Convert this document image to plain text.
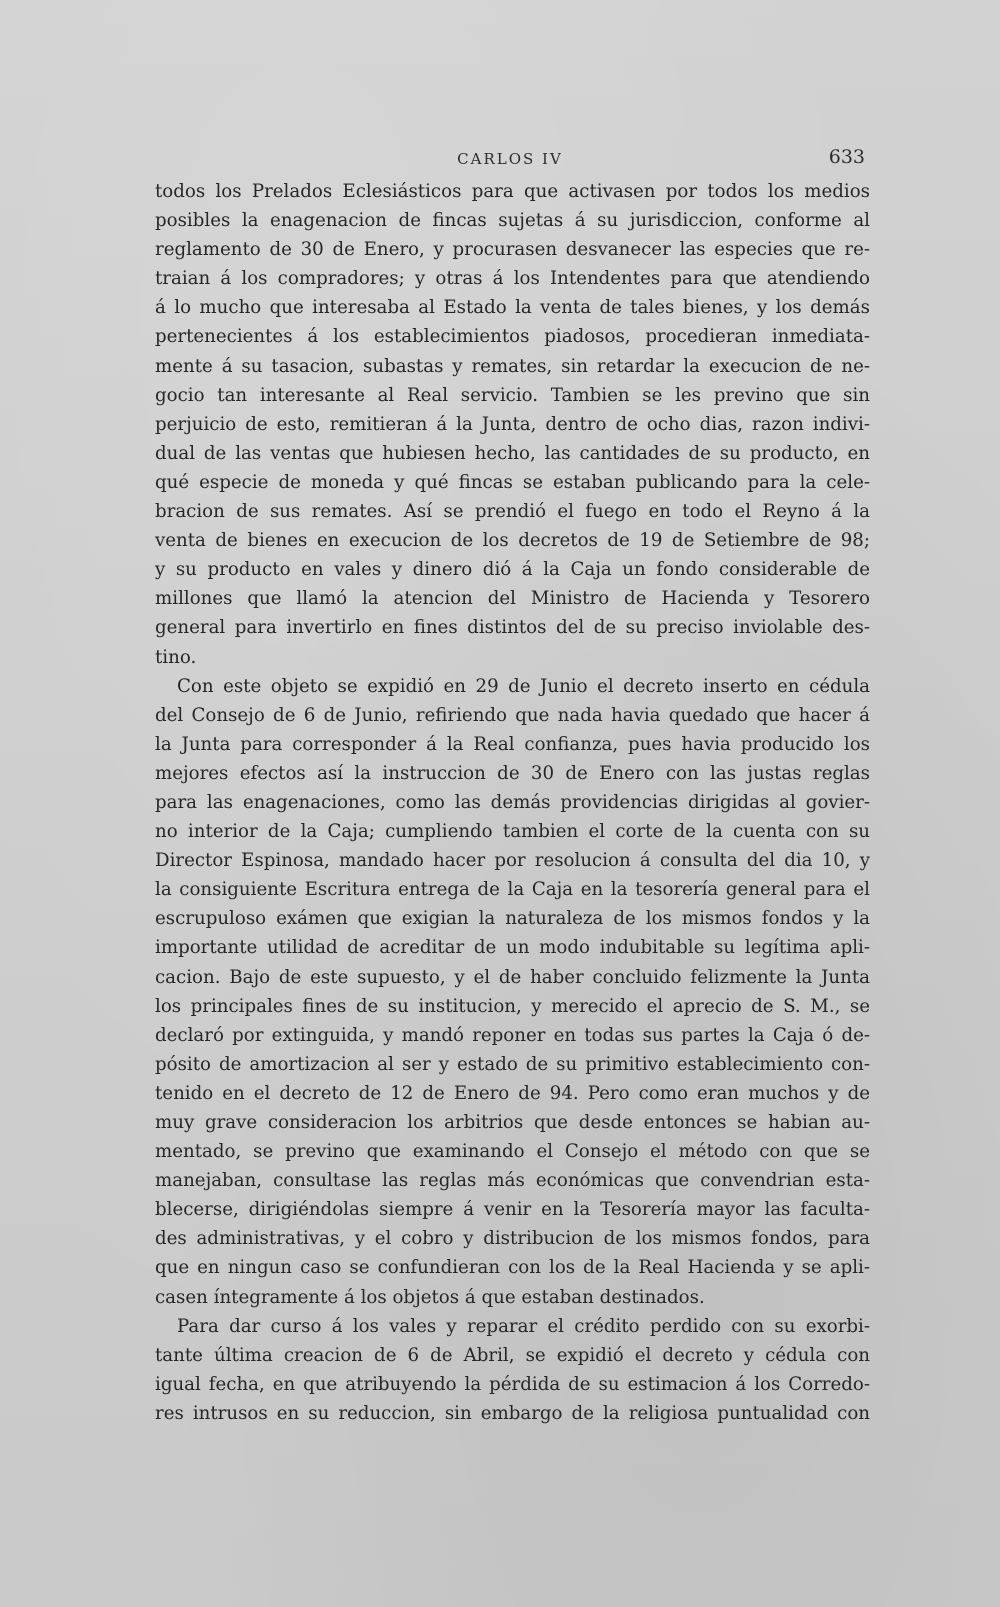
CARLOS IV	633
todos los Prelados Eclesiásticos para que activasen por todos los medios
posibles la enagenacion de fincas sujetas á su jurisdiccion, conforme al
reglamento de 30 de Enero, y procurasen desvanecer las especies que re-
traian á los compradores; y otras á los Intendentes para que atendiendo
á lo mucho que interesaba al Estado la venta de tales bienes, y los demás
pertenecientes á los establecimientos piadosos, procedieran inmediata-
mente á su tasacion, subastas y remates, sin retardar la execucion de ne-
gocio tan interesante al Real servicio. Tambien se les previno que sin
perjuicio de esto, remitieran á la Junta, dentro de ocho dias, razon indivi-
dual de las ventas que hubiesen hecho, las cantidades de su producto, en
qué especie de moneda y qué fincas se estaban publicando para la cele-
bracion de sus remates. Así se prendió el fuego en todo el Reyno á la
venta de bienes en execucion de los decretos de 19 de Setiembre de 98;
y su producto en vales y dinero dió á la Caja un fondo considerable de
millones que llamó la atencion del Ministro de Hacienda y Tesorero
general para invertirlo en fines distintos del de su preciso inviolable des-
tino.
Con este objeto se expidió en 29 de Junio el decreto inserto en cédula
del Consejo de 6 de Junio, refiriendo que nada havia quedado que hacer á
la Junta para corresponder á la Real confianza, pues havia producido los
mejores efectos así la instruccion de 30 de Enero con las justas reglas
para las enagenaciones, como las demás providencias dirigidas al govier-
no interior de la Caja; cumpliendo tambien el corte de la cuenta con su
Director Espinosa, mandado hacer por resolucion á consulta del dia 10, y
la consiguiente Escritura entrega de la Caja en la tesorería general para el
escrupuloso exámen que exigian la naturaleza de los mismos fondos y la
importante utilidad de acreditar de un modo indubitable su legítima apli-
cacion. Bajo de este supuesto, y el de haber concluido felizmente la Junta
los principales fines de su institucion, y merecido el aprecio de S. M., se
declaró por extinguida, y mandó reponer en todas sus partes la Caja ó de-
pósito de amortizacion al ser y estado de su primitivo establecimiento con-
tenido en el decreto de 12 de Enero de 94. Pero como eran muchos y de
muy grave consideracion los arbitrios que desde entonces se habian au-
mentado, se previno que examinando el Consejo el método con que se
manejaban, consultase las reglas más económicas que convendrian esta-
blecerse, dirigiéndolas siempre á venir en la Tesorería mayor las faculta-
des administrativas, y el cobro y distribucion de los mismos fondos, para
que en ningun caso se confundieran con los de la Real Hacienda y se apli-
casen íntegramente á los objetos á que estaban destinados.
Para dar curso á los vales y reparar el crédito perdido con su exorbi-
tante última creacion de 6 de Abril, se expidió el decreto y cédula con
igual fecha, en que atribuyendo la pérdida de su estimacion á los Corredo-
res intrusos en su reduccion, sin embargo de la religiosa puntualidad con
